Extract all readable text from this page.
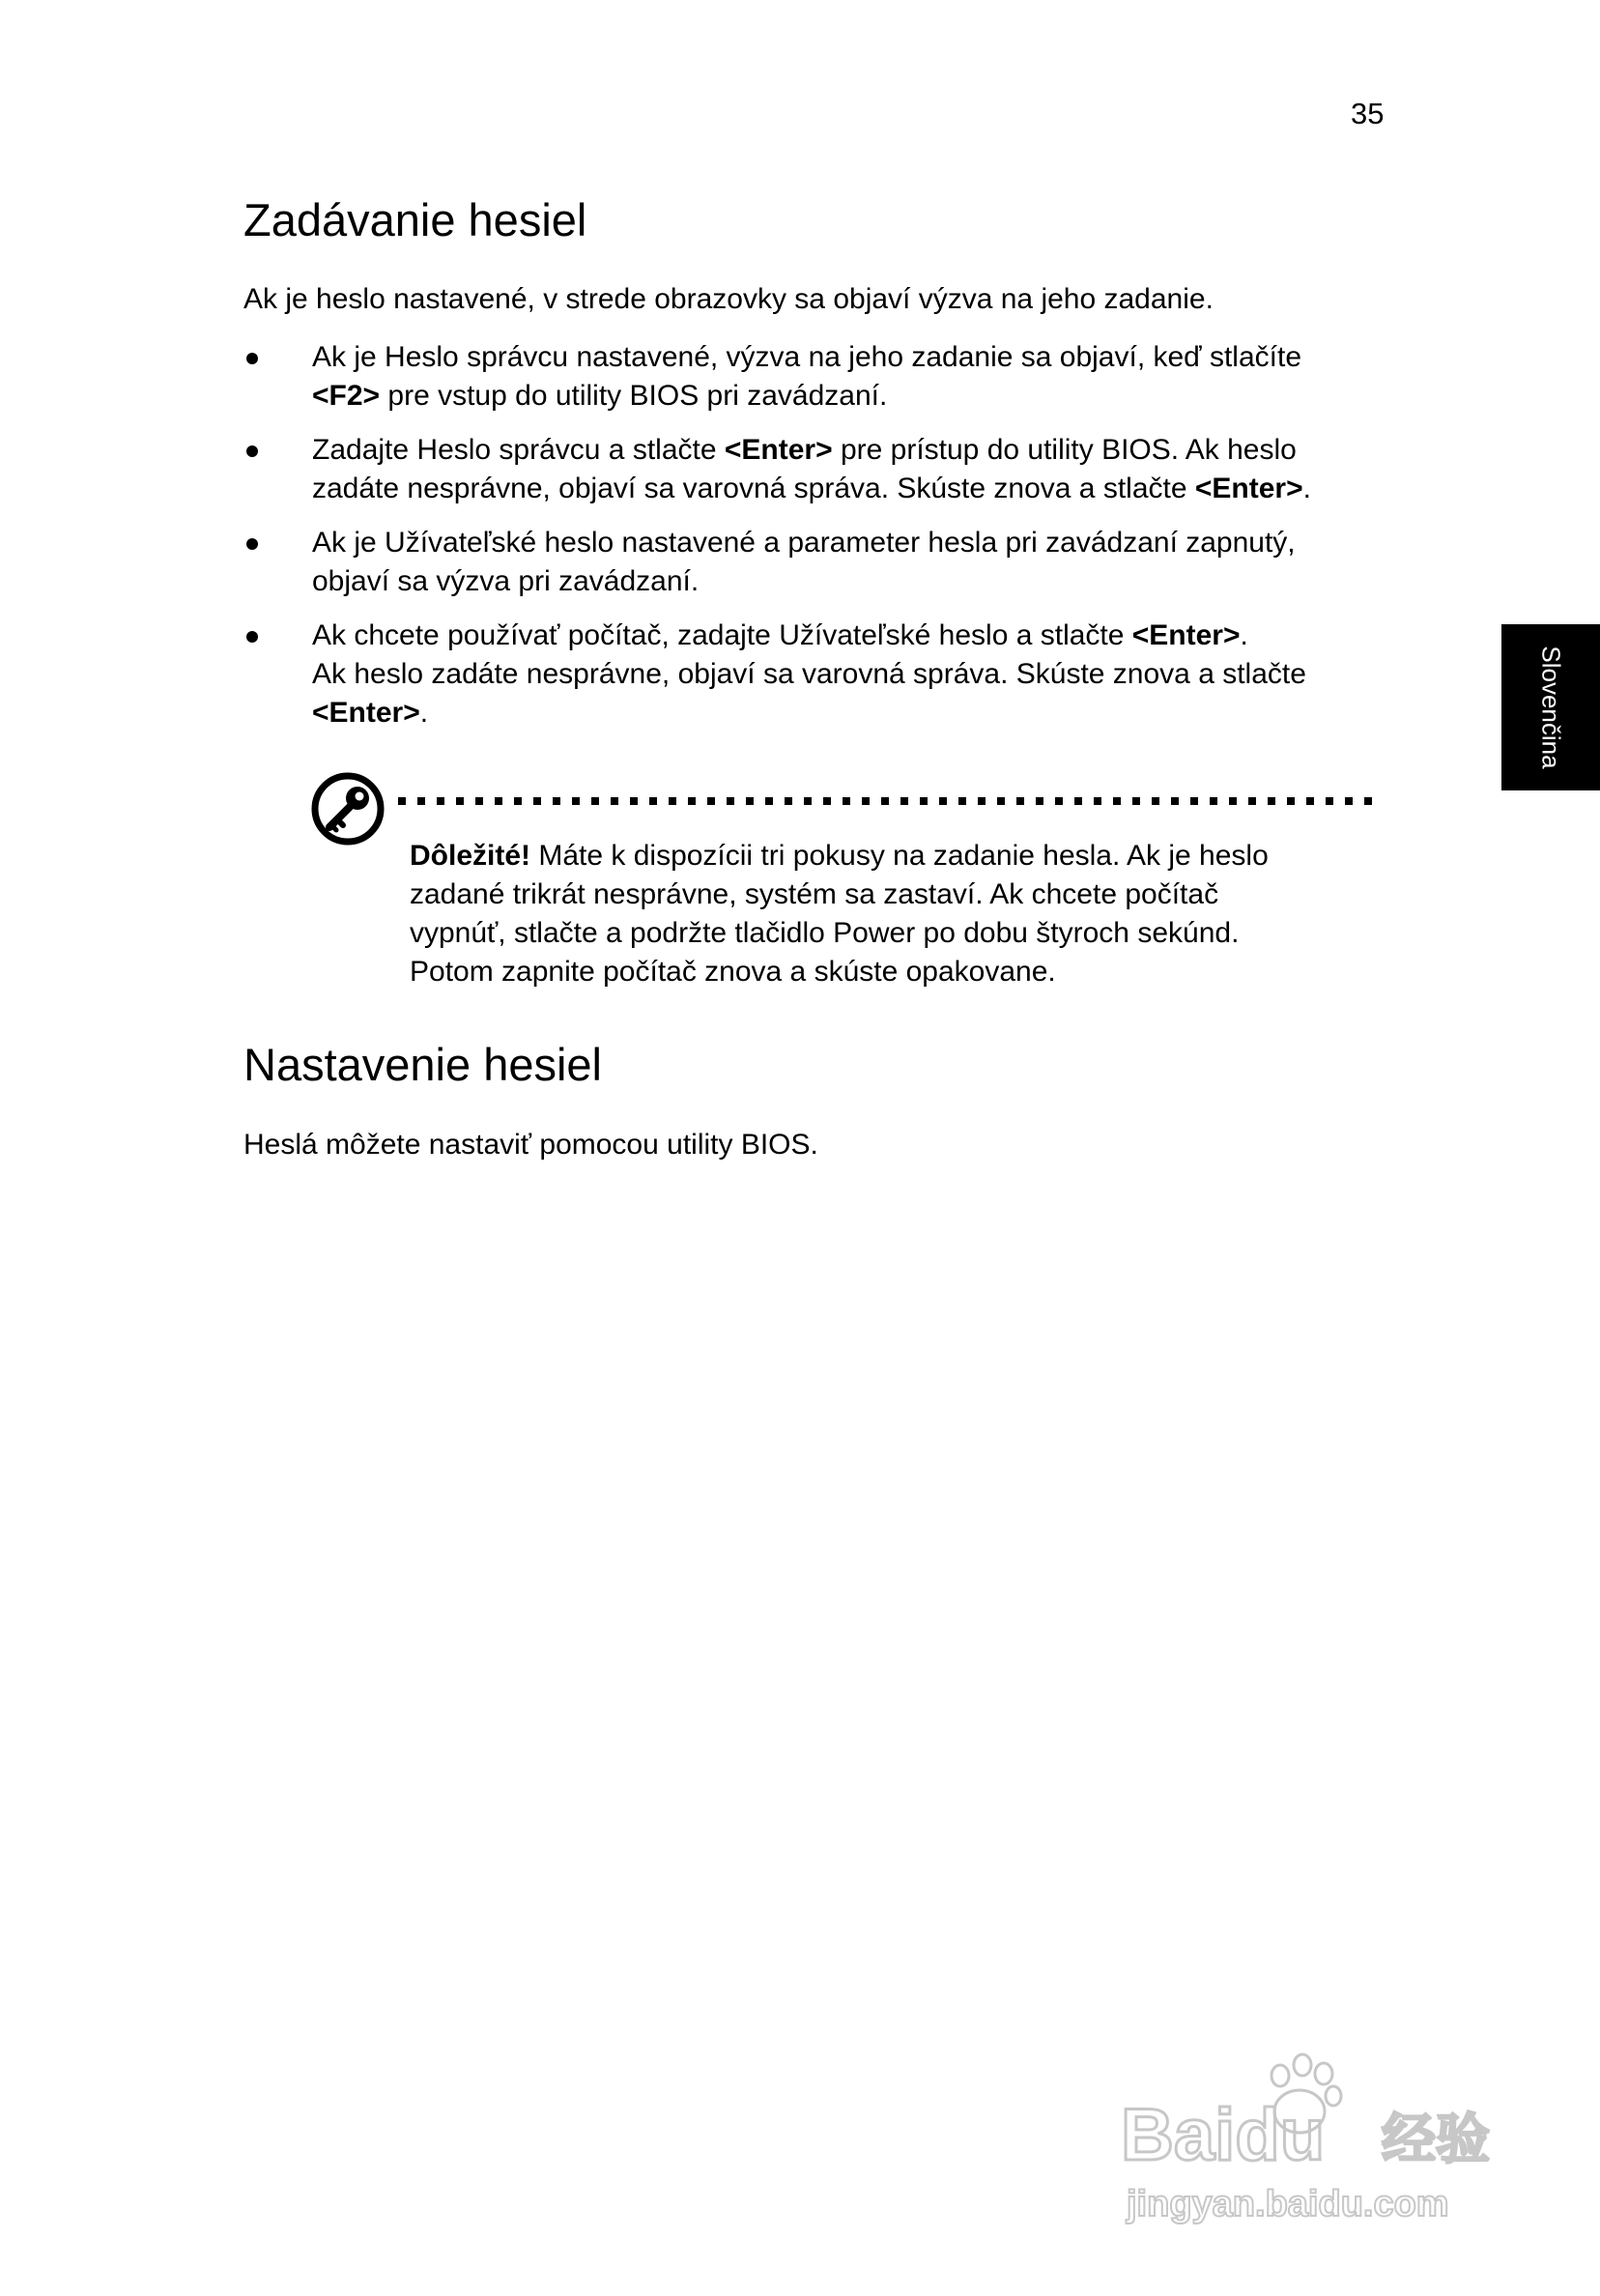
35
Slovenčina
Zadávanie hesiel

Ak je heslo nastavené, v strede obrazovky sa objaví výzva na jeho zadanie.

Ak je Heslo správcu nastavené, výzva na jeho zadanie sa objaví, keď stlačíte
<F2> pre vstup do utility BIOS pri zavádzaní.
Zadajte Heslo správcu a stlačte <Enter> pre prístup do utility BIOS. Ak heslo
zadáte nesprávne, objaví sa varovná správa. Skúste znova a stlačte <Enter>.
Ak je Užívateľské heslo nastavené a parameter hesla pri zavádzaní zapnutý,
objaví sa výzva pri zavádzaní.
Ak chcete používať počítač, zadajte Užívateľské heslo a stlačte <Enter>.
Ak heslo zadáte nesprávne, objaví sa varovná správa. Skúste znova a stlačte
<Enter>.
Dôležité! Máte k dispozícii tri pokusy na zadanie hesla. Ak je heslo
zadané trikrát nesprávne, systém sa zastaví. Ak chcete počítač
vypnúť, stlačte a podržte tlačidlo Power po dobu štyroch sekúnd.
Potom zapnite počítač znova a skúste opakovane.
Nastavenie hesiel

Heslá môžete nastaviť pomocou utility BIOS.

Baidu 经验
jingyan.baidu.com
